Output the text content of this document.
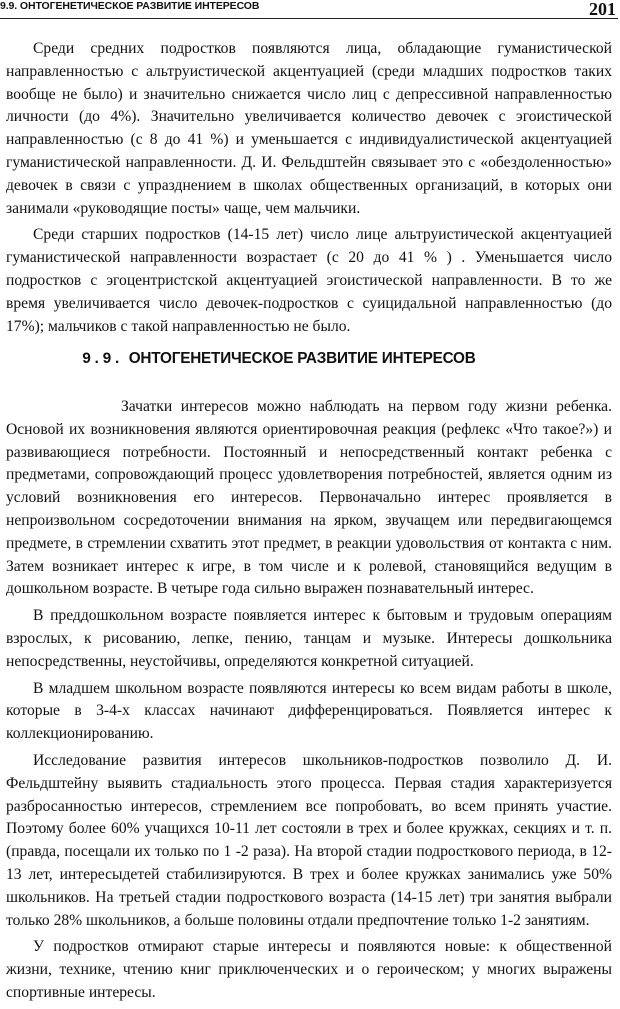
9.9. ОНТОГЕНЕТИЧЕСКОЕ РАЗВИТИЕ ИНТЕРЕСОВ	201

Среди средних подростков появляются лица, обладающие гуманистической направленностью с альтруистической акцентуацией (среди младших подростков таких вообще не было) и значительно снижается число лиц с депрессивной направленностью личности (до 4%). Значительно увеличивается количество девочек с эгоистической направленностью (с 8 до 41 %) и уменьшается с индивидуалистической акцентуацией гуманистической направленности. Д. И. Фельдштейн связывает это с «обездоленностью» девочек в связи с упразднением в школах общественных организаций, в которых они занимали «руководящие посты» чаще, чем мальчики.

Среди старших подростков (14-15 лет) число лице альтруистической акцентуацией гуманистической направленности возрастает (с 20 до 41 % ) . Уменьшается число подростков с эгоцентристской акцентуацией эгоистической направленности. В то же время увеличивается число девочек-подростков с суицидальной направленностью (до 17%); мальчиков с такой направленностью не было.

9.9. ОНТОГЕНЕТИЧЕСКОЕ РАЗВИТИЕ ИНТЕРЕСОВ

Зачатки интересов можно наблюдать на первом году жизни ребенка. Основой их возникновения являются ориентировочная реакция (рефлекс «Что такое?») и развивающиеся потребности. Постоянный и непосредственный контакт ребенка с предметами, сопровождающий процесс удовлетворения потребностей, является одним из условий возникновения его интересов. Первоначально интерес проявляется в непроизвольном сосредоточении внимания на ярком, звучащем или передвигающемся предмете, в стремлении схватить этот предмет, в реакции удовольствия от контакта с ним. Затем возникает интерес к игре, в том числе и к ролевой, становящийся ведущим в дошкольном возрасте. В четыре года сильно выражен познавательный интерес.

В преддошкольном возрасте появляется интерес к бытовым и трудовым операциям взрослых, к рисованию, лепке, пению, танцам и музыке. Интересы дошкольника непосредственны, неустойчивы, определяются конкретной ситуацией.

В младшем школьном возрасте появляются интересы ко всем видам работы в школе, которые в 3-4-х классах начинают дифференцироваться. Появляется интерес к коллекционированию.

Исследование развития интересов школьников-подростков позволило Д. И. Фельдштейну выявить стадиальность этого процесса. Первая стадия характеризуется разбросанностью интересов, стремлением все попробовать, во всем принять участие. Поэтому более 60% учащихся 10-11 лет состояли в трех и более кружках, секциях и т. п. (правда, посещали их только по 1 -2 раза). На второй стадии подросткового периода, в 12-13 лет, интересыдетей стабилизируются. В трех и более кружках занимались уже 50% школьников. На третьей стадии подросткового возраста (14-15 лет) три занятия выбрали только 28% школьников, а больше половины отдали предпочтение только 1-2 занятиям.

У подростков отмирают старые интересы и появляются новые: к общественной жизни, технике, чтению книг приключенческих и о героическом; у многих выражены спортивные интересы.
